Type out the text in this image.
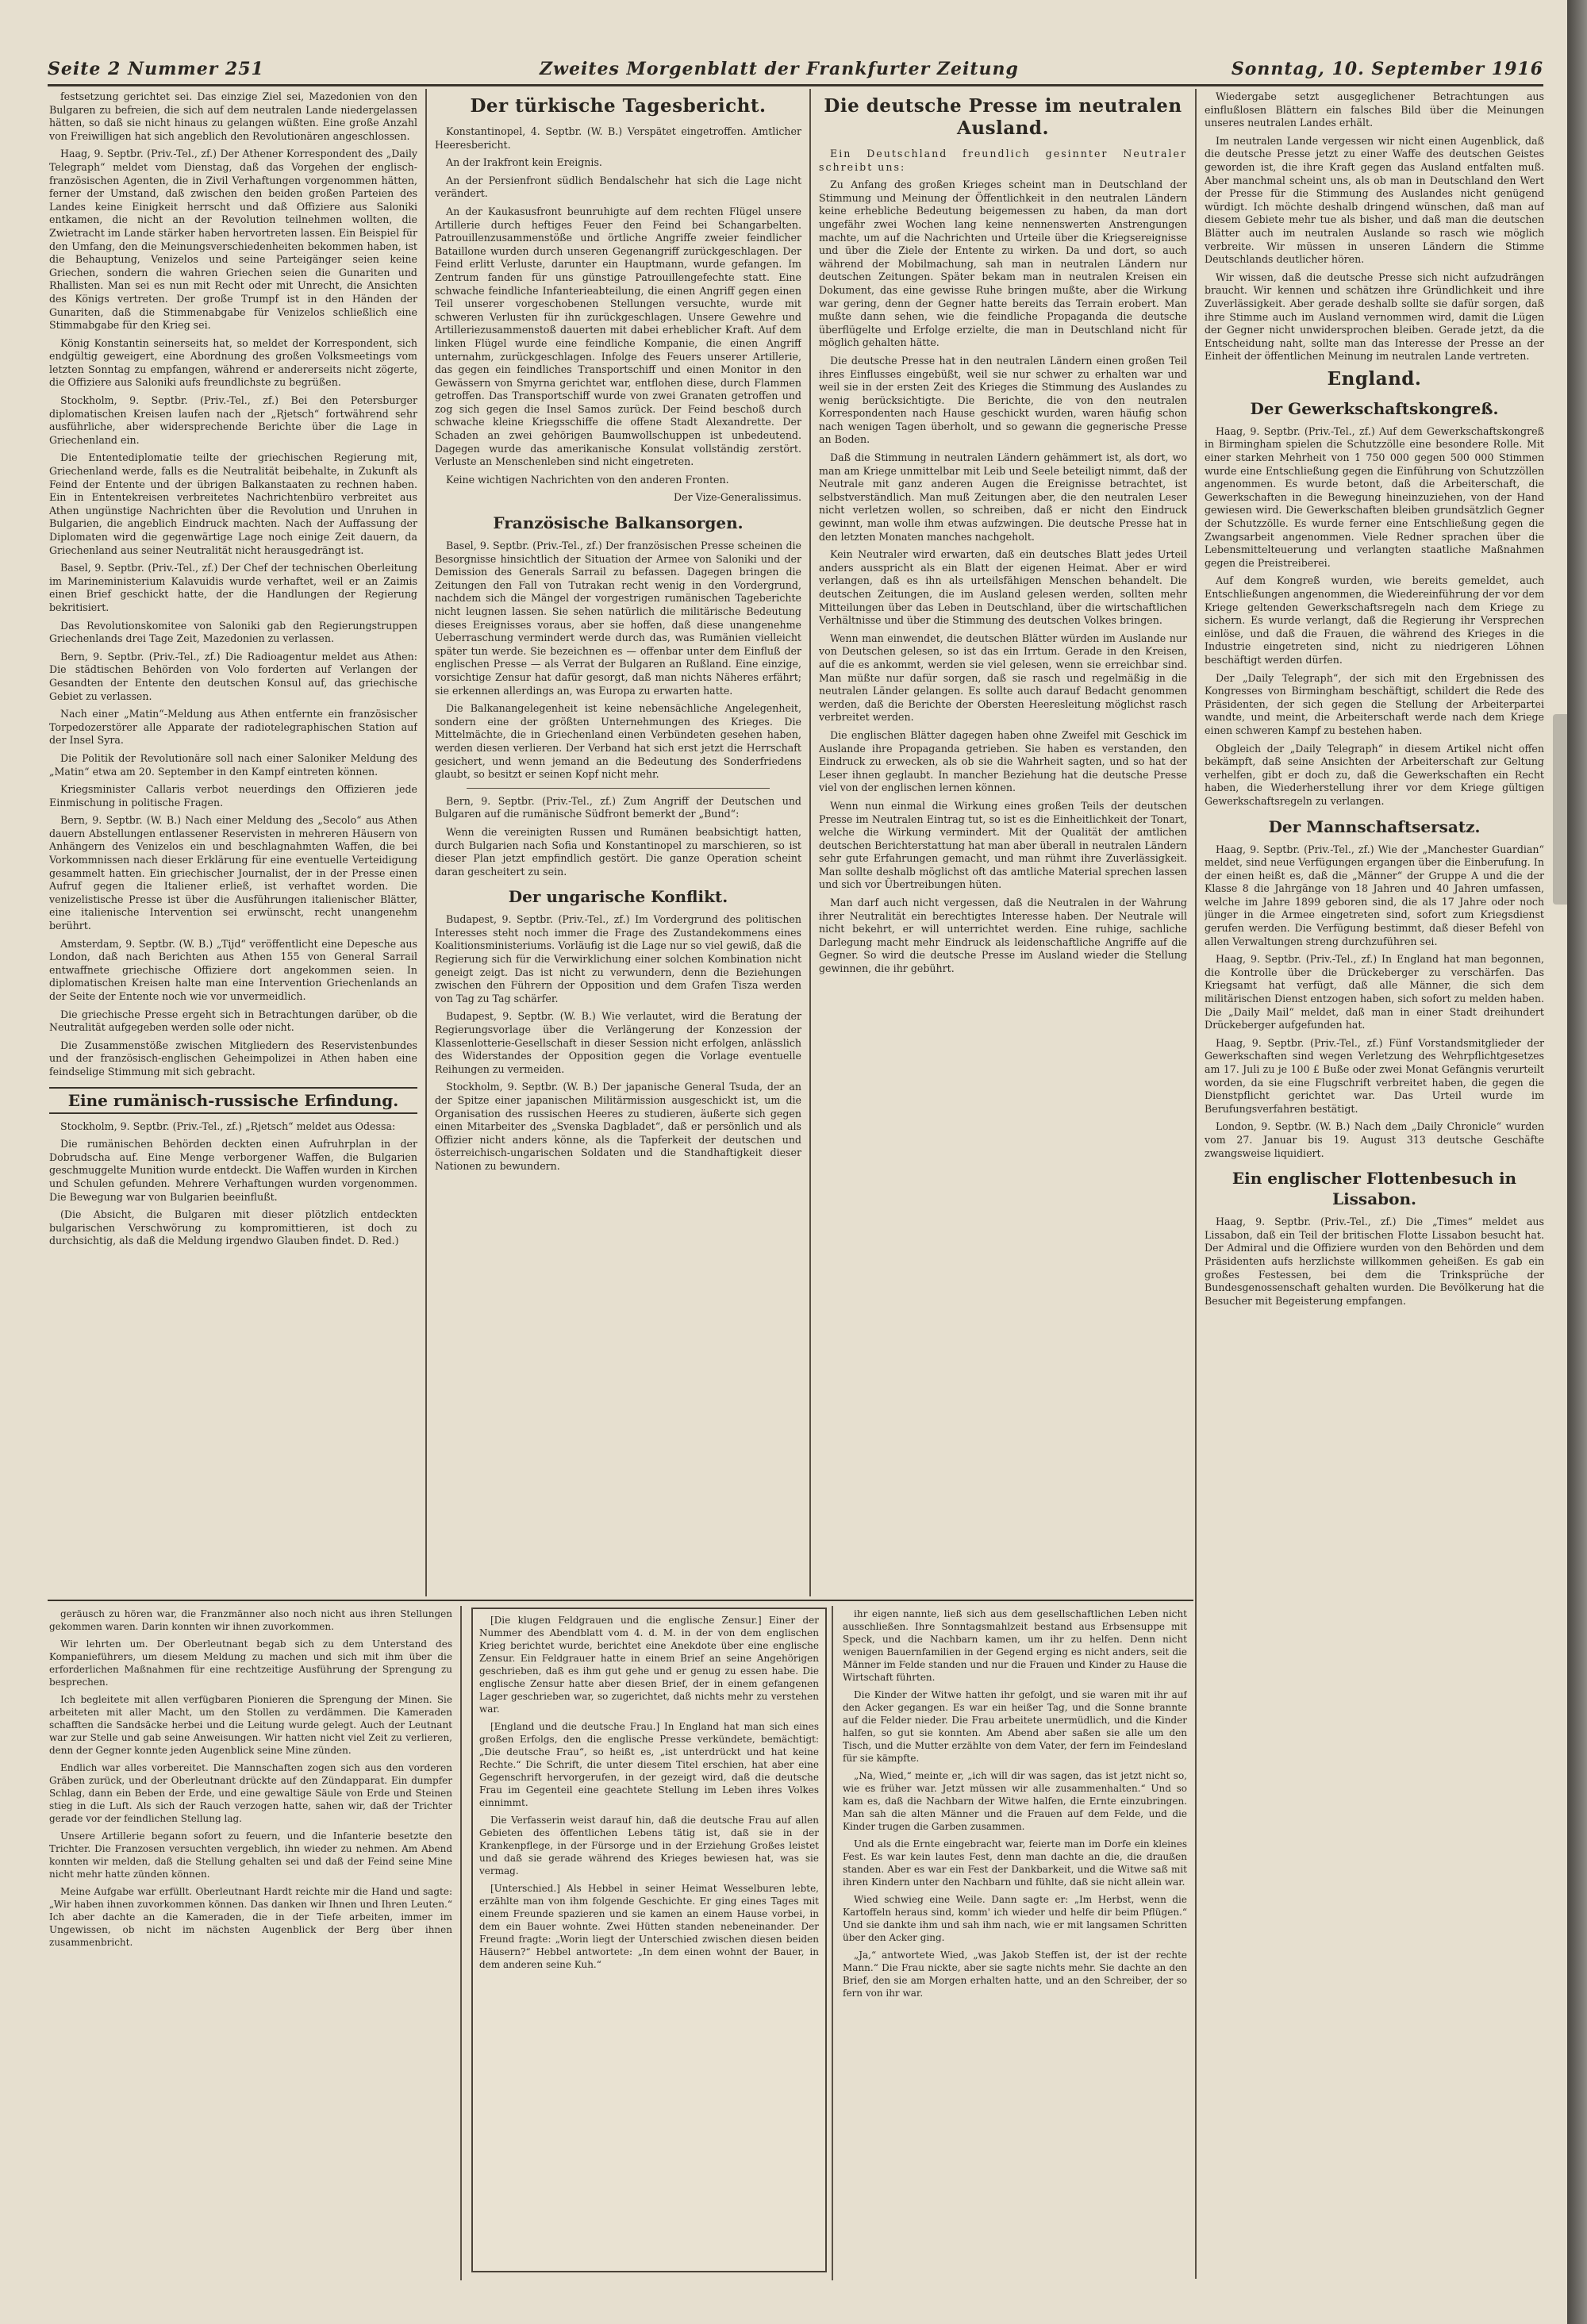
Seite 2 Nummer 251	Zweites Morgenblatt der Frankfurter Zeitung	Sonntag, 10. September 1916

festsetzung gerichtet sei. Das einzige Ziel sei, Mazedonien von den Bulgaren zu befreien, die sich auf dem neutralen Lande niedergelassen hätten, so daß sie nicht hinaus zu gelangen wüßten. Eine große Anzahl von Freiwilligen hat sich angeblich den Revolutionären angeschlossen.

Haag, 9. Septbr. (Priv.-Tel., zf.) Der Athener Korrespondent des „Daily Telegraph“ meldet vom Dienstag, daß das Vorgehen der englisch-französischen Agenten, die in Zivil Verhaftungen vorgenommen hätten, ferner der Umstand, daß zwischen den beiden großen Parteien des Landes keine Einigkeit herrscht und daß Offiziere aus Saloniki entkamen, die nicht an der Revolution teilnehmen wollten, die Zwietracht im Lande stärker haben hervortreten lassen. Ein Beispiel für den Umfang, den die Meinungsverschiedenheiten bekommen haben, ist die Behauptung, Venizelos und seine Parteigänger seien keine Griechen, sondern die wahren Griechen seien die Gunariten und Rhallisten. Man sei es nun mit Recht oder mit Unrecht, die Ansichten des Königs vertreten. Der große Trumpf ist in den Händen der Gunariten, daß die Stimmenabgabe für Venizelos schließlich eine Stimmabgabe für den Krieg sei.

König Konstantin seinerseits hat, so meldet der Korrespondent, sich endgültig geweigert, eine Abordnung des großen Volksmeetings vom letzten Sonntag zu empfangen, während er andererseits nicht zögerte, die Offiziere aus Saloniki aufs freundlichste zu begrüßen.

Stockholm, 9. Septbr. (Priv.-Tel., zf.) Bei den Petersburger diplomatischen Kreisen laufen nach der „Rjetsch“ fortwährend sehr ausführliche, aber widersprechende Berichte über die Lage in Griechenland ein.

Die Ententediplomatie teilte der griechischen Regierung mit, Griechenland werde, falls es die Neutralität beibehalte, in Zukunft als Feind der Entente und der übrigen Balkanstaaten zu rechnen haben. Ein in Ententekreisen verbreitetes Nachrichtenbüro verbreitet aus Athen ungünstige Nachrichten über die Revolution und Unruhen in Bulgarien, die angeblich Eindruck machten. Nach der Auffassung der Diplomaten wird die gegenwärtige Lage noch einige Zeit dauern, da Griechenland aus seiner Neutralität nicht herausgedrängt ist.

Basel, 9. Septbr. (Priv.-Tel., zf.) Der Chef der technischen Oberleitung im Marineministerium Kalavuidis wurde verhaftet, weil er an Zaimis einen Brief geschickt hatte, der die Handlungen der Regierung bekritisiert.

Das Revolutionskomitee von Saloniki gab den Regierungstruppen Griechenlands drei Tage Zeit, Mazedonien zu verlassen.

Bern, 9. Septbr. (Priv.-Tel., zf.) Die Radioagentur meldet aus Athen: Die städtischen Behörden von Volo forderten auf Verlangen der Gesandten der Entente den deutschen Konsul auf, das griechische Gebiet zu verlassen.

Nach einer „Matin“-Meldung aus Athen entfernte ein französischer Torpedozerstörer alle Apparate der radiotelegraphischen Station auf der Insel Syra.

Die Politik der Revolutionäre soll nach einer Saloniker Meldung des „Matin“ etwa am 20. September in den Kampf eintreten können.

Kriegsminister Callaris verbot neuerdings den Offizieren jede Einmischung in politische Fragen.

Bern, 9. Septbr. (W. B.) Nach einer Meldung des „Secolo“ aus Athen dauern Abstellungen entlassener Reservisten in mehreren Häusern von Anhängern des Venizelos ein und beschlagnahmten Waffen, die bei Vorkommnissen nach dieser Erklärung für eine eventuelle Verteidigung gesammelt hatten. Ein griechischer Journalist, der in der Presse einen Aufruf gegen die Italiener erließ, ist verhaftet worden. Die venizelistische Presse ist über die Ausführungen italienischer Blätter, eine italienische Intervention sei erwünscht, recht unangenehm berührt.

Amsterdam, 9. Septbr. (W. B.) „Tijd“ veröffentlicht eine Depesche aus London, daß nach Berichten aus Athen 155 von General Sarrail entwaffnete griechische Offiziere dort angekommen seien. In diplomatischen Kreisen halte man eine Intervention Griechenlands an der Seite der Entente noch wie vor unvermeidlich.

Die griechische Presse ergeht sich in Betrachtungen darüber, ob die Neutralität aufgegeben werden solle oder nicht.

Die Zusammenstöße zwischen Mitgliedern des Reservistenbundes und der französisch-englischen Geheimpolizei in Athen haben eine feindselige Stimmung mit sich gebracht.

Eine rumänisch-russische Erfindung.

Stockholm, 9. Septbr. (Priv.-Tel., zf.) „Rjetsch“ meldet aus Odessa:

Die rumänischen Behörden deckten einen Aufruhrplan in der Dobrudscha auf. Eine Menge verborgener Waffen, die Bulgarien geschmuggelte Munition wurde entdeckt. Die Waffen wurden in Kirchen und Schulen gefunden. Mehrere Verhaftungen wurden vorgenommen. Die Bewegung war von Bulgarien beeinflußt.

(Die Absicht, die Bulgaren mit dieser plötzlich entdeckten bulgarischen Verschwörung zu kompromittieren, ist doch zu durchsichtig, als daß die Meldung irgendwo Glauben findet. D. Red.)

Der türkische Tagesbericht.

Konstantinopel, 4. Septbr. (W. B.) Verspätet eingetroffen. Amtlicher Heeresbericht.

An der Irakfront kein Ereignis.

An der Persienfront südlich Bendalschehr hat sich die Lage nicht verändert.

An der Kaukasusfront beunruhigte auf dem rechten Flügel unsere Artillerie durch heftiges Feuer den Feind bei Schangarbelten. Patrouillenzusammenstöße und örtliche Angriffe zweier feindlicher Bataillone wurden durch unseren Gegenangriff zurückgeschlagen. Der Feind erlitt Verluste, darunter ein Hauptmann, wurde gefangen. Im Zentrum fanden für uns günstige Patrouillengefechte statt. Eine schwache feindliche Infanterieabteilung, die einen Angriff gegen einen Teil unserer vorgeschobenen Stellungen versuchte, wurde mit schweren Verlusten für ihn zurückgeschlagen. Unsere Gewehre und Artilleriezusammenstoß dauerten mit dabei erheblicher Kraft. Auf dem linken Flügel wurde eine feindliche Kompanie, die einen Angriff unternahm, zurückgeschlagen. Infolge des Feuers unserer Artillerie, das gegen ein feindliches Transportschiff und einen Monitor in den Gewässern von Smyrna gerichtet war, entflohen diese, durch Flammen getroffen. Das Transportschiff wurde von zwei Granaten getroffen und zog sich gegen die Insel Samos zurück. Der Feind beschoß durch schwache kleine Kriegsschiffe die offene Stadt Alexandrette. Der Schaden an zwei gehörigen Baumwollschuppen ist unbedeutend. Dagegen wurde das amerikanische Konsulat vollständig zerstört. Verluste an Menschenleben sind nicht eingetreten.

Keine wichtigen Nachrichten von den anderen Fronten.

Der Vize-Generalissimus.

Französische Balkansorgen.

Basel, 9. Septbr. (Priv.-Tel., zf.) Der französischen Presse scheinen die Besorgnisse hinsichtlich der Situation der Armee von Saloniki und der Demission des Generals Sarrail zu befassen. Dagegen bringen die Zeitungen den Fall von Tutrakan recht wenig in den Vordergrund, nachdem sich die Mängel der vorgestrigen rumänischen Tageberichte nicht leugnen lassen. Sie sehen natürlich die militärische Bedeutung dieses Ereignisses voraus, aber sie hoffen, daß diese unangenehme Ueberraschung vermindert werde durch das, was Rumänien vielleicht später tun werde. Sie bezeichnen es — offenbar unter dem Einfluß der englischen Presse — als Verrat der Bulgaren an Rußland. Eine einzige, vorsichtige Zensur hat dafür gesorgt, daß man nichts Näheres erfährt; sie erkennen allerdings an, was Europa zu erwarten hatte.

Die Balkanangelegenheit ist keine nebensächliche Angelegenheit, sondern eine der größten Unternehmungen des Krieges. Die Mittelmächte, die in Griechenland einen Verbündeten gesehen haben, werden diesen verlieren. Der Verband hat sich erst jetzt die Herrschaft gesichert, und wenn jemand an die Bedeutung des Sonderfriedens glaubt, so besitzt er seinen Kopf nicht mehr.

Bern, 9. Septbr. (Priv.-Tel., zf.) Zum Angriff der Deutschen und Bulgaren auf die rumänische Südfront bemerkt der „Bund“:

Wenn die vereinigten Russen und Rumänen beabsichtigt hatten, durch Bulgarien nach Sofia und Konstantinopel zu marschieren, so ist dieser Plan jetzt empfindlich gestört. Die ganze Operation scheint daran gescheitert zu sein.

Der ungarische Konflikt.

Budapest, 9. Septbr. (Priv.-Tel., zf.) Im Vordergrund des politischen Interesses steht noch immer die Frage des Zustandekommens eines Koalitionsministeriums. Vorläufig ist die Lage nur so viel gewiß, daß die Regierung sich für die Verwirklichung einer solchen Kombination nicht geneigt zeigt. Das ist nicht zu verwundern, denn die Beziehungen zwischen den Führern der Opposition und dem Grafen Tisza werden von Tag zu Tag schärfer.

Budapest, 9. Septbr. (W. B.) Wie verlautet, wird die Beratung der Regierungsvorlage über die Verlängerung der Konzession der Klassenlotterie-Gesellschaft in dieser Session nicht erfolgen, anlässlich des Widerstandes der Opposition gegen die Vorlage eventuelle Reihungen zu vermeiden.

Stockholm, 9. Septbr. (W. B.) Der japanische General Tsuda, der an der Spitze einer japanischen Militärmission ausgeschickt ist, um die Organisation des russischen Heeres zu studieren, äußerte sich gegen einen Mitarbeiter des „Svenska Dagbladet“, daß er persönlich und als Offizier nicht anders könne, als die Tapferkeit der deutschen und österreichisch-ungarischen Soldaten und die Standhaftigkeit dieser Nationen zu bewundern.

Die deutsche Presse im neutralen Ausland.

Ein Deutschland freundlich gesinnter Neutraler schreibt uns:

Zu Anfang des großen Krieges scheint man in Deutschland der Stimmung und Meinung der Öffentlichkeit in den neutralen Ländern keine erhebliche Bedeutung beigemessen zu haben, da man dort ungefähr zwei Wochen lang keine nennenswerten Anstrengungen machte, um auf die Nachrichten und Urteile über die Kriegsereignisse und über die Ziele der Entente zu wirken. Da und dort, so auch während der Mobilmachung, sah man in neutralen Ländern nur deutschen Zeitungen. Später bekam man in neutralen Kreisen ein Dokument, das eine gewisse Ruhe bringen mußte, aber die Wirkung war gering, denn der Gegner hatte bereits das Terrain erobert. Man mußte dann sehen, wie die feindliche Propaganda die deutsche überflügelte und Erfolge erzielte, die man in Deutschland nicht für möglich gehalten hätte.

Die deutsche Presse hat in den neutralen Ländern einen großen Teil ihres Einflusses eingebüßt, weil sie nur schwer zu erhalten war und weil sie in der ersten Zeit des Krieges die Stimmung des Auslandes zu wenig berücksichtigte. Die Berichte, die von den neutralen Korrespondenten nach Hause geschickt wurden, waren häufig schon nach wenigen Tagen überholt, und so gewann die gegnerische Presse an Boden.

Daß die Stimmung in neutralen Ländern gehämmert ist, als dort, wo man am Kriege unmittelbar mit Leib und Seele beteiligt nimmt, daß der Neutrale mit ganz anderen Augen die Ereignisse betrachtet, ist selbstverständlich. Man muß Zeitungen aber, die den neutralen Leser nicht verletzen wollen, so schreiben, daß er nicht den Eindruck gewinnt, man wolle ihm etwas aufzwingen. Die deutsche Presse hat in den letzten Monaten manches nachgeholt.

Kein Neutraler wird erwarten, daß ein deutsches Blatt jedes Urteil anders ausspricht als ein Blatt der eigenen Heimat. Aber er wird verlangen, daß es ihn als urteilsfähigen Menschen behandelt. Die deutschen Zeitungen, die im Ausland gelesen werden, sollten mehr Mitteilungen über das Leben in Deutschland, über die wirtschaftlichen Verhältnisse und über die Stimmung des deutschen Volkes bringen.

Wenn man einwendet, die deutschen Blätter würden im Auslande nur von Deutschen gelesen, so ist das ein Irrtum. Gerade in den Kreisen, auf die es ankommt, werden sie viel gelesen, wenn sie erreichbar sind. Man müßte nur dafür sorgen, daß sie rasch und regelmäßig in die neutralen Länder gelangen. Es sollte auch darauf Bedacht genommen werden, daß die Berichte der Obersten Heeresleitung möglichst rasch verbreitet werden.

Die englischen Blätter dagegen haben ohne Zweifel mit Geschick im Auslande ihre Propaganda getrieben. Sie haben es verstanden, den Eindruck zu erwecken, als ob sie die Wahrheit sagten, und so hat der Leser ihnen geglaubt. In mancher Beziehung hat die deutsche Presse viel von der englischen lernen können.

Wenn nun einmal die Wirkung eines großen Teils der deutschen Presse im Neutralen Eintrag tut, so ist es die Einheitlichkeit der Tonart, welche die Wirkung vermindert. Mit der Qualität der amtlichen deutschen Berichterstattung hat man aber überall in neutralen Ländern sehr gute Erfahrungen gemacht, und man rühmt ihre Zuverlässigkeit. Man sollte deshalb möglichst oft das amtliche Material sprechen lassen und sich vor Übertreibungen hüten.

Man darf auch nicht vergessen, daß die Neutralen in der Wahrung ihrer Neutralität ein berechtigtes Interesse haben. Der Neutrale will nicht bekehrt, er will unterrichtet werden. Eine ruhige, sachliche Darlegung macht mehr Eindruck als leidenschaftliche Angriffe auf die Gegner. So wird die deutsche Presse im Ausland wieder die Stellung gewinnen, die ihr gebührt.

Wiedergabe setzt ausgeglichener Betrachtungen aus einflußlosen Blättern ein falsches Bild über die Meinungen unseres neutralen Landes erhält.

Im neutralen Lande vergessen wir nicht einen Augenblick, daß die deutsche Presse jetzt zu einer Waffe des deutschen Geistes geworden ist, die ihre Kraft gegen das Ausland entfalten muß. Aber manchmal scheint uns, als ob man in Deutschland den Wert der Presse für die Stimmung des Auslandes nicht genügend würdigt. Ich möchte deshalb dringend wünschen, daß man auf diesem Gebiete mehr tue als bisher, und daß man die deutschen Blätter auch im neutralen Auslande so rasch wie möglich verbreite. Wir müssen in unseren Ländern die Stimme Deutschlands deutlicher hören.

Wir wissen, daß die deutsche Presse sich nicht aufzudrängen braucht. Wir kennen und schätzen ihre Gründlichkeit und ihre Zuverlässigkeit. Aber gerade deshalb sollte sie dafür sorgen, daß ihre Stimme auch im Ausland vernommen wird, damit die Lügen der Gegner nicht unwidersprochen bleiben. Gerade jetzt, da die Entscheidung naht, sollte man das Interesse der Presse an der Einheit der öffentlichen Meinung im neutralen Lande vertreten.

England.
Der Gewerkschaftskongreß.

Haag, 9. Septbr. (Priv.-Tel., zf.) Auf dem Gewerkschaftskongreß in Birmingham spielen die Schutzzölle eine besondere Rolle. Mit einer starken Mehrheit von 1 750 000 gegen 500 000 Stimmen wurde eine Entschließung gegen die Einführung von Schutzzöllen angenommen. Es wurde betont, daß die Arbeiterschaft, die Gewerkschaften in die Bewegung hineinzuziehen, von der Hand gewiesen wird. Die Gewerkschaften bleiben grundsätzlich Gegner der Schutzzölle. Es wurde ferner eine Entschließung gegen die Zwangsarbeit angenommen. Viele Redner sprachen über die Lebensmittelteuerung und verlangten staatliche Maßnahmen gegen die Preistreiberei.

Auf dem Kongreß wurden, wie bereits gemeldet, auch Entschließungen angenommen, die Wiedereinführung der vor dem Kriege geltenden Gewerkschaftsregeln nach dem Kriege zu sichern. Es wurde verlangt, daß die Regierung ihr Versprechen einlöse, und daß die Frauen, die während des Krieges in die Industrie eingetreten sind, nicht zu niedrigeren Löhnen beschäftigt werden dürfen.

Der „Daily Telegraph“, der sich mit den Ergebnissen des Kongresses von Birmingham beschäftigt, schildert die Rede des Präsidenten, der sich gegen die Stellung der Arbeiterpartei wandte, und meint, die Arbeiterschaft werde nach dem Kriege einen schweren Kampf zu bestehen haben.

Obgleich der „Daily Telegraph“ in diesem Artikel nicht offen bekämpft, daß seine Ansichten der Arbeiterschaft zur Geltung verhelfen, gibt er doch zu, daß die Gewerkschaften ein Recht haben, die Wiederherstellung ihrer vor dem Kriege gültigen Gewerkschaftsregeln zu verlangen.

Der Mannschaftsersatz.

Haag, 9. Septbr. (Priv.-Tel., zf.) Wie der „Manchester Guardian“ meldet, sind neue Verfügungen ergangen über die Einberufung. In der einen heißt es, daß die „Männer“ der Gruppe A und die der Klasse 8 die Jahrgänge von 18 Jahren und 40 Jahren umfassen, welche im Jahre 1899 geboren sind, die als 17 Jahre oder noch jünger in die Armee eingetreten sind, sofort zum Kriegsdienst gerufen werden. Die Verfügung bestimmt, daß dieser Befehl von allen Verwaltungen streng durchzuführen sei.

Haag, 9. Septbr. (Priv.-Tel., zf.) In England hat man begonnen, die Kontrolle über die Drückeberger zu verschärfen. Das Kriegsamt hat verfügt, daß alle Männer, die sich dem militärischen Dienst entzogen haben, sich sofort zu melden haben. Die „Daily Mail“ meldet, daß man in einer Stadt dreihundert Drückeberger aufgefunden hat.

Haag, 9. Septbr. (Priv.-Tel., zf.) Fünf Vorstandsmitglieder der Gewerkschaften sind wegen Verletzung des Wehrpflichtgesetzes am 17. Juli zu je 100 £ Buße oder zwei Monat Gefängnis verurteilt worden, da sie eine Flugschrift verbreitet haben, die gegen die Dienstpflicht gerichtet war. Das Urteil wurde im Berufungsverfahren bestätigt.

London, 9. Septbr. (W. B.) Nach dem „Daily Chronicle“ wurden vom 27. Januar bis 19. August 313 deutsche Geschäfte zwangsweise liquidiert.

Ein englischer Flottenbesuch in Lissabon.

Haag, 9. Septbr. (Priv.-Tel., zf.) Die „Times“ meldet aus Lissabon, daß ein Teil der britischen Flotte Lissabon besucht hat. Der Admiral und die Offiziere wurden von den Behörden und dem Präsidenten aufs herzlichste willkommen geheißen. Es gab ein großes Festessen, bei dem die Trinksprüche der Bundesgenossenschaft gehalten wurden. Die Bevölkerung hat die Besucher mit Begeisterung empfangen.

geräusch zu hören war, die Franzmänner also noch nicht aus ihren Stellungen gekommen waren. Darin konnten wir ihnen zuvorkommen.

Wir lehrten um. Der Oberleutnant begab sich zu dem Unterstand des Kompanieführers, um diesem Meldung zu machen und sich mit ihm über die erforderlichen Maßnahmen für eine rechtzeitige Ausführung der Sprengung zu besprechen.

Ich begleitete mit allen verfügbaren Pionieren die Sprengung der Minen. Sie arbeiteten mit aller Macht, um den Stollen zu verdämmen. Die Kameraden schafften die Sandsäcke herbei und die Leitung wurde gelegt. Auch der Leutnant war zur Stelle und gab seine Anweisungen. Wir hatten nicht viel Zeit zu verlieren, denn der Gegner konnte jeden Augenblick seine Mine zünden.

Endlich war alles vorbereitet. Die Mannschaften zogen sich aus den vorderen Gräben zurück, und der Oberleutnant drückte auf den Zündapparat. Ein dumpfer Schlag, dann ein Beben der Erde, und eine gewaltige Säule von Erde und Steinen stieg in die Luft. Als sich der Rauch verzogen hatte, sahen wir, daß der Trichter gerade vor der feindlichen Stellung lag.

Unsere Artillerie begann sofort zu feuern, und die Infanterie besetzte den Trichter. Die Franzosen versuchten vergeblich, ihn wieder zu nehmen. Am Abend konnten wir melden, daß die Stellung gehalten sei und daß der Feind seine Mine nicht mehr hatte zünden können.

Meine Aufgabe war erfüllt. Oberleutnant Hardt reichte mir die Hand und sagte: „Wir haben ihnen zuvorkommen können. Das danken wir Ihnen und Ihren Leuten.“ Ich aber dachte an die Kameraden, die in der Tiefe arbeiten, immer im Ungewissen, ob nicht im nächsten Augenblick der Berg über ihnen zusammenbricht.

[Die klugen Feldgrauen und die englische Zensur.] Einer der Nummer des Abendblatt vom 4. d. M. in der von dem englischen Krieg berichtet wurde, berichtet eine Anekdote über eine englische Zensur. Ein Feldgrauer hatte in einem Brief an seine Angehörigen geschrieben, daß es ihm gut gehe und er genug zu essen habe. Die englische Zensur hatte aber diesen Brief, der in einem gefangenen Lager geschrieben war, so zugerichtet, daß nichts mehr zu verstehen war.

[England und die deutsche Frau.] In England hat man sich eines großen Erfolgs, den die englische Presse verkündete, bemächtigt: „Die deutsche Frau“, so heißt es, „ist unterdrückt und hat keine Rechte.“ Die Schrift, die unter diesem Titel erschien, hat aber eine Gegenschrift hervorgerufen, in der gezeigt wird, daß die deutsche Frau im Gegenteil eine geachtete Stellung im Leben ihres Volkes einnimmt.

Die Verfasserin weist darauf hin, daß die deutsche Frau auf allen Gebieten des öffentlichen Lebens tätig ist, daß sie in der Krankenpflege, in der Fürsorge und in der Erziehung Großes leistet und daß sie gerade während des Krieges bewiesen hat, was sie vermag.

[Unterschied.] Als Hebbel in seiner Heimat Wesselburen lebte, erzählte man von ihm folgende Geschichte. Er ging eines Tages mit einem Freunde spazieren und sie kamen an einem Hause vorbei, in dem ein Bauer wohnte. Zwei Hütten standen nebeneinander. Der Freund fragte: „Worin liegt der Unterschied zwischen diesen beiden Häusern?“ Hebbel antwortete: „In dem einen wohnt der Bauer, in dem anderen seine Kuh.“

ihr eigen nannte, ließ sich aus dem gesellschaftlichen Leben nicht ausschließen. Ihre Sonntagsmahlzeit bestand aus Erbsensuppe mit Speck, und die Nachbarn kamen, um ihr zu helfen. Denn nicht wenigen Bauernfamilien in der Gegend erging es nicht anders, seit die Männer im Felde standen und nur die Frauen und Kinder zu Hause die Wirtschaft führten.

Die Kinder der Witwe hatten ihr gefolgt, und sie waren mit ihr auf den Acker gegangen. Es war ein heißer Tag, und die Sonne brannte auf die Felder nieder. Die Frau arbeitete unermüdlich, und die Kinder halfen, so gut sie konnten. Am Abend aber saßen sie alle um den Tisch, und die Mutter erzählte von dem Vater, der fern im Feindesland für sie kämpfte.

„Na, Wied,“ meinte er, „ich will dir was sagen, das ist jetzt nicht so, wie es früher war. Jetzt müssen wir alle zusammenhalten.“ Und so kam es, daß die Nachbarn der Witwe halfen, die Ernte einzubringen. Man sah die alten Männer und die Frauen auf dem Felde, und die Kinder trugen die Garben zusammen.

Und als die Ernte eingebracht war, feierte man im Dorfe ein kleines Fest. Es war kein lautes Fest, denn man dachte an die, die draußen standen. Aber es war ein Fest der Dankbarkeit, und die Witwe saß mit ihren Kindern unter den Nachbarn und fühlte, daß sie nicht allein war.

Wied schwieg eine Weile. Dann sagte er: „Im Herbst, wenn die Kartoffeln heraus sind, komm' ich wieder und helfe dir beim Pflügen.“ Und sie dankte ihm und sah ihm nach, wie er mit langsamen Schritten über den Acker ging.

„Ja,“ antwortete Wied, „was Jakob Steffen ist, der ist der rechte Mann.“ Die Frau nickte, aber sie sagte nichts mehr. Sie dachte an den Brief, den sie am Morgen erhalten hatte, und an den Schreiber, der so fern von ihr war.
